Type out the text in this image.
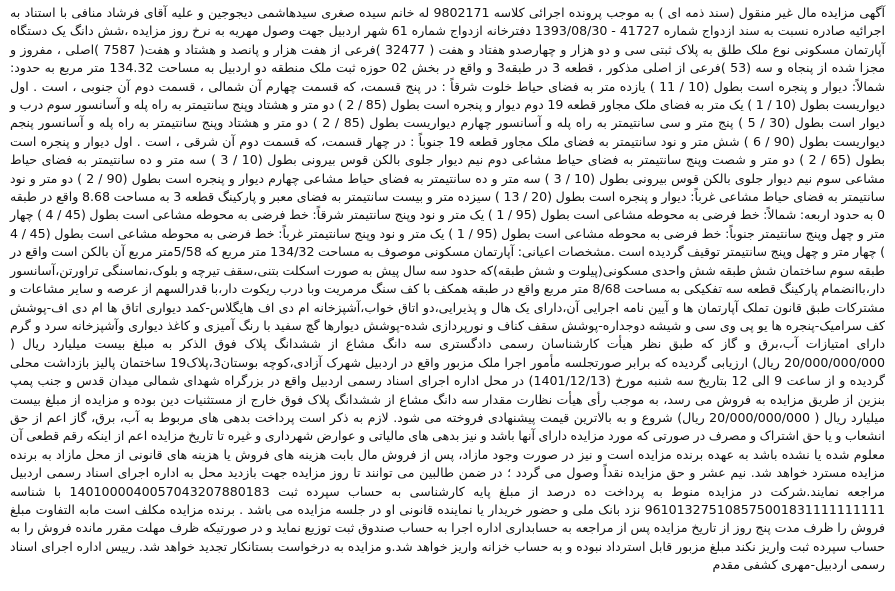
آگهی مزایده مال غیر منقول (سند ذمه ای ) به موجب پرونده اجرائی کلاسه 9802171 له خانم سیده صغری سیدهاشمی دیجوجین و علیه آقای فرشاد منافی با استناد به اجرائیه صادره نسبت به سند ازدواج شماره 41727 - 1393/08/30 دفترخانه ازدواج شماره 61 شهر اردبیل جهت وصول مهریه به نرخ روز مزایده ،شش دانگ یک دستگاه آپارتمان مسکونی نوع ملک طلق به پلاک ثبتی سی و دو هزار و چهارصدو هفتاد و هفت ( 32477 )فرعی از هفت هزار و پانصد و هشتاد و هفت( 7587 )اصلی ، مفروز و مجزا شده از پنجاه و سه (53 )فرعی از اصلی مذکور ، قطعه 3 در طبقه3 و واقع در بخش 02 حوزه ثبت ملک منطقه دو اردبیل به مساحت 134.32 متر مربع به حدود: شمالاً: دیوار و پنجره است بطول (10 / 11 ) یازده متر به فضای حیاط خلوت شرقاً : در پنج قسمت، که قسمت چهارم آن شمالی ، قسمت دوم آن جنوبی ، است . اول دیواریست بطول (10 / 1 ) یک متر به فضای ملک مجاور قطعه 19 دوم دیوار و پنجره است بطول (85 / 2 ) دو متر و هشتاد وپنج سانتیمتر به راه پله و آسانسور سوم درب و دیوار است بطول (30 / 5 ) پنج متر و سی سانتیمتر به راه پله و آسانسور چهارم دیواریست بطول (85 / 2 ) دو متر و هشتاد وپنج سانتیمتر به راه پله و آسانسور پنجم دیواریست بطول (90 / 6 ) شش متر و نود سانتیمتر به فضای ملک مجاور قطعه 19 جنوباً : در چهار قسمت، که قسمت دوم آن شرقی ، است . اول دیوار و پنجره است بطول (65 / 2 ) دو متر و شصت وپنج سانتیمتر به فضای حیاط مشاعی دوم نیم دیوار جلوی بالکن قوس بیرونی بطول (10 / 3 ) سه متر و ده سانتیمتر به فضای حیاط مشاعی سوم نیم دیوار جلوی بالکن قوس بیرونی بطول (10 / 3 ) سه متر و ده سانتیمتر به فضای حیاط مشاعی چهارم دیوار و پنجره است بطول (90 / 2 ) دو متر و نود سانتیمتر به فضای حیاط مشاعی غرباً: دیوار و پنجره است بطول (20 / 13 ) سیزده متر و بیست سانتیمتر به فضای معبر و پارکینگ قطعه 3 به مساحت 8.68 واقع در طبقه 0 به حدود اربعه: شمالاً: خط فرضی به محوطه مشاعی است بطول (95 / 1 ) یک متر و نود وپنج سانتیمتر شرقاً: خط فرضی به محوطه مشاعی است بطول (45 / 4 ) چهار متر و چهل وپنج سانتیمتر جنوباً: خط فرضی به محوطه مشاعی است بطول (95 / 1 ) یک متر و نود وپنج سانتیمتر غرباً: خط فرضی به محوطه مشاعی است بطول (45 / 4 ) چهار متر و چهل وپنج سانتیمتر توقیف گردیده است .مشخصات اعیانی: آپارتمان مسکونی موصوف به مساحت 134/32 متر مربع که 5/58متر مربع آن بالکن است واقع در طبقه سوم ساختمان شش طبقه شش واحدی مسکونی(پیلوت و شش طبقه)که حدود سه سال پیش به صورت اسکلت بتنی،سقف تیرچه و بلوک،نماسنگی تراورتن،آسانسور دار،باانضمام پارکینگ قطعه سه تفکیکی به مساحت 8/68 متر مربع واقع در طبقه همکف با کف سنگ مرمریت وبا درب ریکوت دار،با قدرالسهم از عرصه و سایر مشاعات و مشترکات طبق قانون تملک آپارتمان ها و آیین نامه اجرایی آن،دارای یک هال و پذیرایی،دو اتاق خواب،آشپزخانه ام دی اف هایگلاس-کمد دیواری اتاق ها ام دی اف-پوشش کف سرامیک-پنجره ها یو پی وی سی و شیشه دوجداره-پوشش سقف کناف و نورپردازی شده-پوشش دیوارها گچ سفید با رنگ آمیزی و کاغذ دیواری وآشپزخانه سرد و گرم دارای امتیازات آب،برق و گاز که طبق نظر هیأت کارشناسان رسمی دادگستری سه دانگ مشاع از ششدانگ پلاک فوق الذکر به مبلغ بیست میلیارد ریال ( 20/000/000/000 ریال) ارزیابی گردیده که برابر صورتجلسه مأمور اجرا ملک مزبور واقع در اردبیل شهرک آزادی،کوچه بوستان3،پلاک19 ساختمان پالیز بازداشت محلی گردیده و از ساعت 9 الی 12 بتاریخ سه شنبه مورخ (1401/12/13) در محل اداره اجرای اسناد رسمی اردبیل واقع در بزرگراه شهدای شمالی میدان قدس و جنب پمپ بنزین از طریق مزایده به فروش می رسد، به موجب رأی هیأت نظارت مقدار سه دانگ مشاع از ششدانگ پلاک فوق خارج از مستثنیات دین بوده و مزایده از مبلغ بیست میلیارد ریال ( 20/000/000/000 ریال) شروع و به بالاترین قیمت پیشنهادی فروخته می شود. لازم به ذکر است پرداخت بدهی های مربوط به آب، برق، گاز اعم از حق انشعاب و یا حق اشتراک و مصرف در صورتی که مورد مزایده دارای آنها باشد و نیز بدهی های مالیاتی و عوارض شهرداری و غیره تا تاریخ مزایده اعم از اینکه رقم قطعی آن معلوم شده یا نشده باشد به عهده برنده مزایده است و نیز در صورت وجود مازاد، پس از فروش مال بابت هزینه های فروش یا هزینه های قانونی از محل مازاد به برنده مزایده مسترد خواهد شد. نیم عشر و حق مزایده نقداً وصول می گردد ؛ در ضمن طالبین می توانند تا روز مزایده جهت بازدید محل به اداره اجرای اسناد رسمی اردبیل مراجعه نمایند.شرکت در مزایده منوط به پرداخت ده درصد از مبلغ پایه کارشناسی به حساب سپرده ثبت 1401000040057043207880183 با شناسه 961013275108575001831111111111 نزد بانک ملی و حضور خریدار یا نماینده قانونی او در جلسه مزایده می باشد . برنده مزایده مکلف است مابه التفاوت مبلغ فروش را ظرف مدت پنج روز از تاریخ مزایده پس از مراجعه به حسابداری اداره اجرا به حساب صندوق ثبت توزیع نماید و در صورتیکه ظرف مهلت مقرر مانده فروش را به حساب سپرده ثبت واریز نکند مبلغ مزبور قابل استرداد نبوده و به حساب خزانه واریز خواهد شد.و مزایده به درخواست بستانکار تجدید خواهد شد. رییس اداره اجرای اسناد رسمی اردبیل-مهری کشفی مقدم
